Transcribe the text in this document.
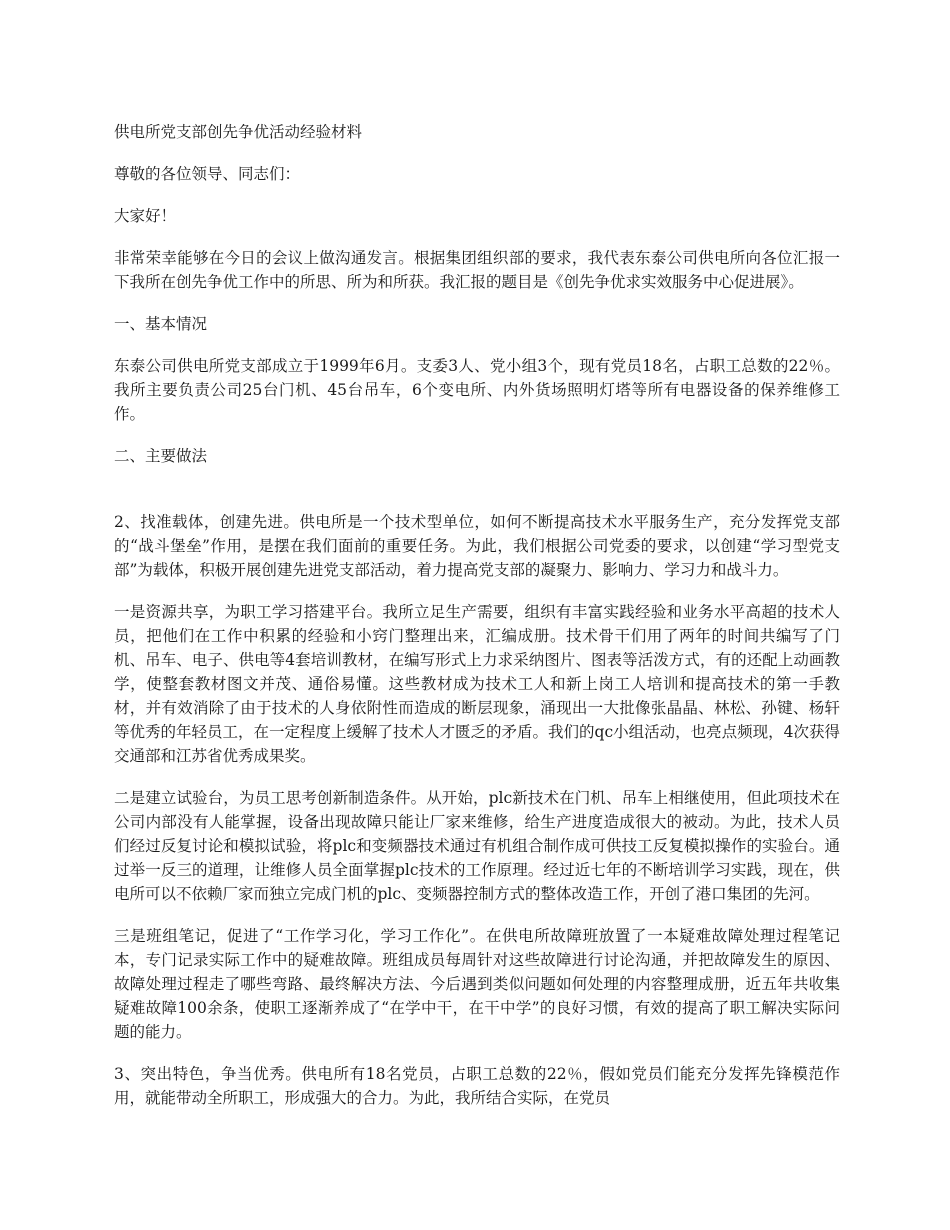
供电所党支部创先争优活动经验材料

尊敬的各位领导、同志们：

大家好！

非常荣幸能够在今日的会议上做沟通发言。根据集团组织部的要求，我代表东泰公司供电所向各位汇报一下我所在创先争优工作中的所思、所为和所获。我汇报的题目是《创先争优求实效服务中心促进展》。

一、基本情况

东泰公司供电所党支部成立于1999年6月。支委3人、党小组3个，现有党员18名，占职工总数的22％。我所主要负责公司25台门机、45台吊车，6个变电所、内外货场照明灯塔等所有电器设备的保养维修工作。

二、主要做法

2、找准载体，创建先进。供电所是一个技术型单位，如何不断提高技术水平服务生产，充分发挥党支部的“战斗堡垒”作用，是摆在我们面前的重要任务。为此，我们根据公司党委的要求，以创建“学习型党支部”为载体，积极开展创建先进党支部活动，着力提高党支部的凝聚力、影响力、学习力和战斗力。

一是资源共享，为职工学习搭建平台。我所立足生产需要，组织有丰富实践经验和业务水平高超的技术人员，把他们在工作中积累的经验和小窍门整理出来，汇编成册。技术骨干们用了两年的时间共编写了门机、吊车、电子、供电等4套培训教材，在编写形式上力求采纳图片、图表等活泼方式，有的还配上动画教学，使整套教材图文并茂、通俗易懂。这些教材成为技术工人和新上岗工人培训和提高技术的第一手教材，并有效消除了由于技术的人身依附性而造成的断层现象，涌现出一大批像张晶晶、林松、孙键、杨轩等优秀的年轻员工，在一定程度上缓解了技术人才匮乏的矛盾。我们的qc小组活动，也亮点频现，4次获得交通部和江苏省优秀成果奖。

二是建立试验台，为员工思考创新制造条件。从开始，plc新技术在门机、吊车上相继使用，但此项技术在公司内部没有人能掌握，设备出现故障只能让厂家来维修，给生产进度造成很大的被动。为此，技术人员们经过反复讨论和模拟试验，将plc和变频器技术通过有机组合制作成可供技工反复模拟操作的实验台。通过举一反三的道理，让维修人员全面掌握plc技术的工作原理。经过近七年的不断培训学习实践，现在，供电所可以不依赖厂家而独立完成门机的plc、变频器控制方式的整体改造工作，开创了港口集团的先河。

三是班组笔记，促进了“工作学习化，学习工作化”。在供电所故障班放置了一本疑难故障处理过程笔记本，专门记录实际工作中的疑难故障。班组成员每周针对这些故障进行讨论沟通，并把故障发生的原因、故障处理过程走了哪些弯路、最终解决方法、今后遇到类似问题如何处理的内容整理成册，近五年共收集疑难故障100余条，使职工逐渐养成了“在学中干，在干中学”的良好习惯，有效的提高了职工解决实际问题的能力。

3、突出特色，争当优秀。供电所有18名党员，占职工总数的22％，假如党员们能充分发挥先锋模范作用，就能带动全所职工，形成强大的合力。为此，我所结合实际，在党员
